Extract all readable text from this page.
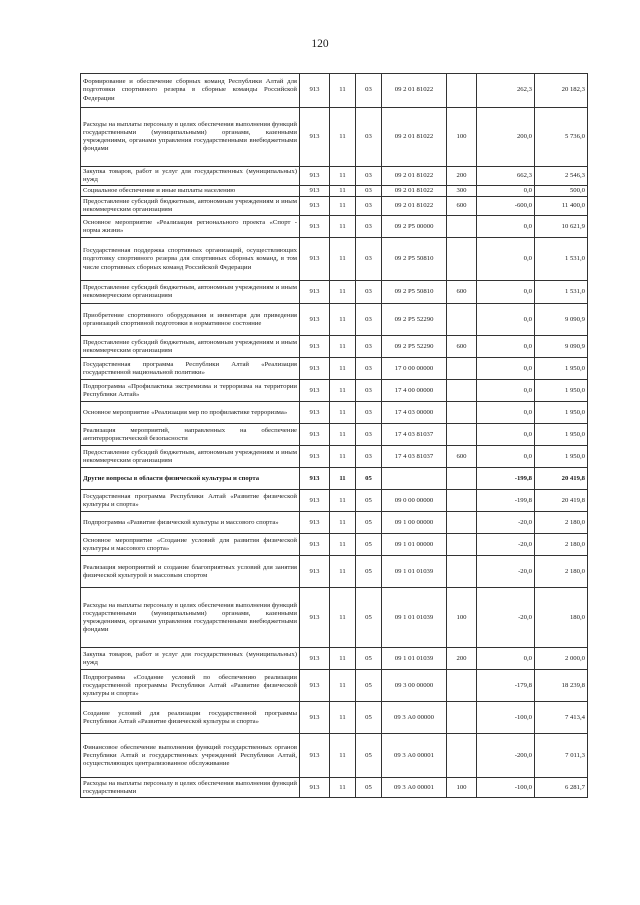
120
Формирование и обеспечение сборных команд Республики Алтай для подготовки спортивного резерва в сборные команды Российской Федерации	913	11	03	09 2 01 81022		262,3	20 182,3
Расходы на выплаты персоналу в целях обеспечения выполнения функций государственными (муниципальными) органами, казенными учреждениями, органами управления государственными внебюджетными фондами	913	11	03	09 2 01 81022	100	200,0	5 736,0
Закупка товаров, работ и услуг для государственных (муниципальных) нужд	913	11	03	09 2 01 81022	200	662,3	2 546,3
Социальное обеспечение и иные выплаты населению	913	11	03	09 2 01 81022	300	0,0	500,0
Предоставление субсидий бюджетным, автономным учреждениям и иным некоммерческим организациям	913	11	03	09 2 01 81022	600	-600,0	11 400,0
Основное мероприятие «Реализация регионального проекта «Спорт - норма жизни»	913	11	03	09 2 P5 00000		0,0	10 621,9
Государственная поддержка спортивных организаций, осуществляющих подготовку спортивного резерва для спортивных сборных команд, в том числе спортивных сборных команд Российской Федерации	913	11	03	09 2 P5 50810		0,0	1 531,0
Предоставление субсидий бюджетным, автономным учреждениям и иным некоммерческим организациям	913	11	03	09 2 P5 50810	600	0,0	1 531,0
Приобретение спортивного оборудования и инвентаря для приведения организаций спортивной подготовки в нормативное состояние	913	11	03	09 2 P5 52290		0,0	9 090,9
Предоставление субсидий бюджетным, автономным учреждениям и иным некоммерческим организациям	913	11	03	09 2 P5 52290	600	0,0	9 090,9
Государственная программа Республики Алтай «Реализация государственной национальной политики»	913	11	03	17 0 00 00000		0,0	1 950,0
Подпрограмма «Профилактика экстремизма и терроризма на территории Республики Алтай»	913	11	03	17 4 00 00000		0,0	1 950,0
Основное мероприятие «Реализация мер по профилактике терроризма»	913	11	03	17 4 03 00000		0,0	1 950,0
Реализация мероприятий, направленных на обеспечение антитеррористической безопасности	913	11	03	17 4 03 81037		0,0	1 950,0
Предоставление субсидий бюджетным, автономным учреждениям и иным некоммерческим организациям	913	11	03	17 4 03 81037	600	0,0	1 950,0
Другие вопросы в области физической культуры и спорта	913	11	05			-199,8	20 419,8
Государственная программа Республики Алтай «Развитие физической культуры и спорта»	913	11	05	09 0 00 00000		-199,8	20 419,8
Подпрограмма «Развитие физической культуры и массового спорта»	913	11	05	09 1 00 00000		-20,0	2 180,0
Основное мероприятие «Создание условий для развития физической культуры и массового спорта»	913	11	05	09 1 01 00000		-20,0	2 180,0
Реализация мероприятий и создание благоприятных условий для занятия физической культурой и массовым спортом	913	11	05	09 1 01 01039		-20,0	2 180,0
Расходы на выплаты персоналу в целях обеспечения выполнения функций государственными (муниципальными) органами, казенными учреждениями, органами управления государственными внебюджетными фондами	913	11	05	09 1 01 01039	100	-20,0	180,0
Закупка товаров, работ и услуг для государственных (муниципальных) нужд	913	11	05	09 1 01 01039	200	0,0	2 000,0
Подпрограмма «Создание условий по обеспечению реализации государственной программы Республики Алтай «Развитие физической культуры и спорта»	913	11	05	09 3 00 00000		-179,8	18 239,8
Создание условий для реализации государственной программы Республики Алтай «Развитие физической культуры и спорта»	913	11	05	09 3 А0 00000		-100,0	7 413,4
Финансовое обеспечение выполнения функций государственных органов Республики Алтай и государственных учреждений Республики Алтай, осуществляющих централизованное обслуживание	913	11	05	09 3 А0 00001		-200,0	7 011,3
Расходы на выплаты персоналу в целях обеспечения выполнения функций государственными	913	11	05	09 3 А0 00001	100	-100,0	6 281,7
